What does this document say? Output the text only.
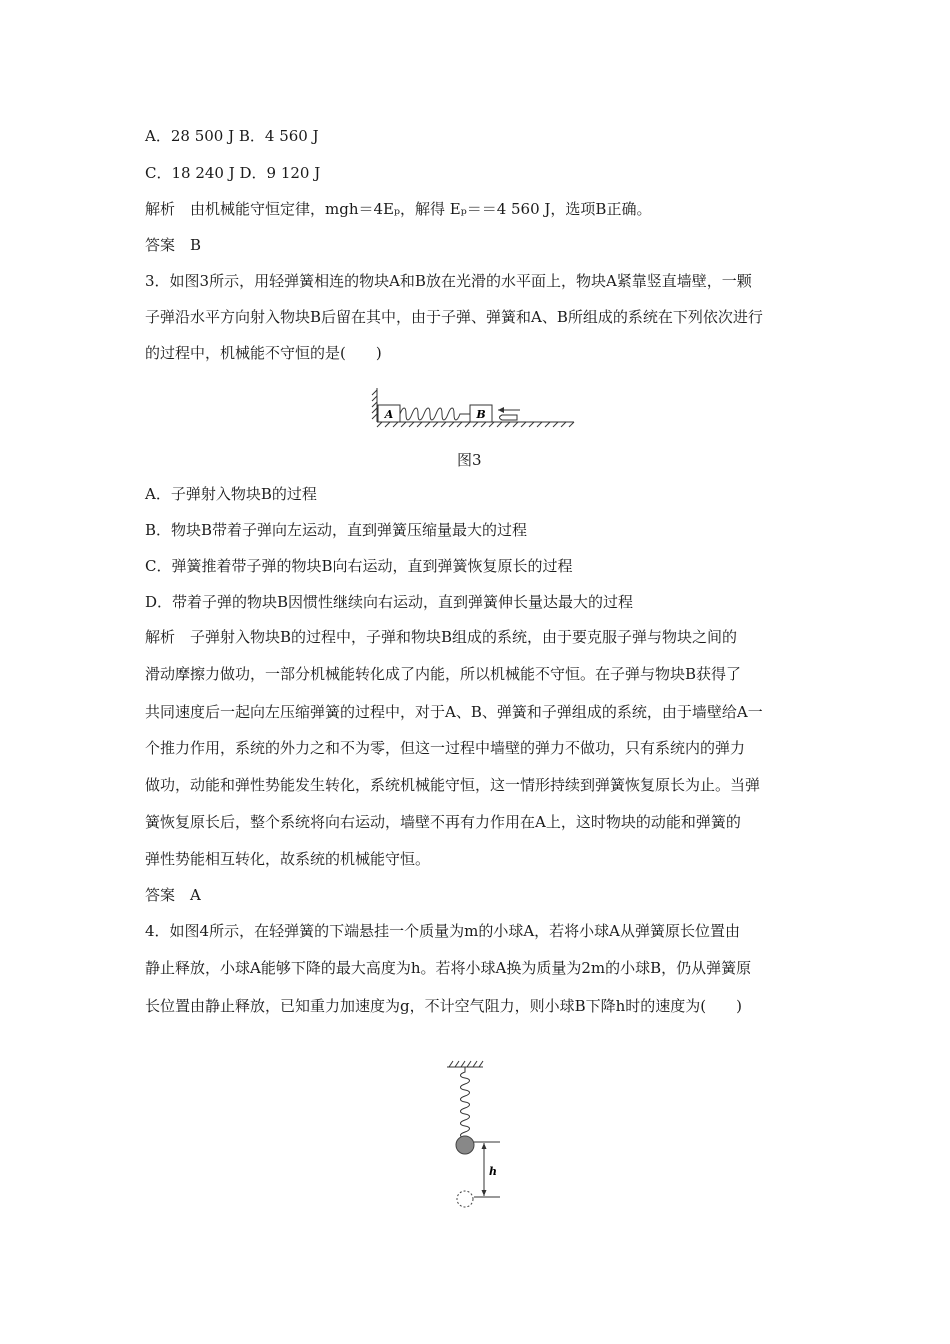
A．28 500 J B．4 560 J
C．18 240 J D．9 120 J
解析　由机械能守恒定律，mgh＝4Eₚ，解得 Eₚ＝＝4 560 J，选项B正确。
答案　B
3．如图3所示，用轻弹簧相连的物块A和B放在光滑的水平面上，物块A紧靠竖直墙壁，一颗
子弹沿水平方向射入物块B后留在其中，由于子弹、弹簧和A、B所组成的系统在下列依次进行
的过程中，机械能不守恒的是(　　)
A	B
图3
A．子弹射入物块B的过程
B．物块B带着子弹向左运动，直到弹簧压缩量最大的过程
C．弹簧推着带子弹的物块B向右运动，直到弹簧恢复原长的过程
D．带着子弹的物块B因惯性继续向右运动，直到弹簧伸长量达最大的过程
解析　子弹射入物块B的过程中，子弹和物块B组成的系统，由于要克服子弹与物块之间的
滑动摩擦力做功，一部分机械能转化成了内能，所以机械能不守恒。在子弹与物块B获得了
共同速度后一起向左压缩弹簧的过程中，对于A、B、弹簧和子弹组成的系统，由于墙壁给A一
个推力作用，系统的外力之和不为零，但这一过程中墙壁的弹力不做功，只有系统内的弹力
做功，动能和弹性势能发生转化，系统机械能守恒，这一情形持续到弹簧恢复原长为止。当弹
簧恢复原长后，整个系统将向右运动，墙壁不再有力作用在A上，这时物块的动能和弹簧的
弹性势能相互转化，故系统的机械能守恒。
答案　A
4．如图4所示，在轻弹簧的下端悬挂一个质量为m的小球A，若将小球A从弹簧原长位置由
静止释放，小球A能够下降的最大高度为h。若将小球A换为质量为2m的小球B，仍从弹簧原
长位置由静止释放，已知重力加速度为g，不计空气阻力，则小球B下降h时的速度为(　　)
h
